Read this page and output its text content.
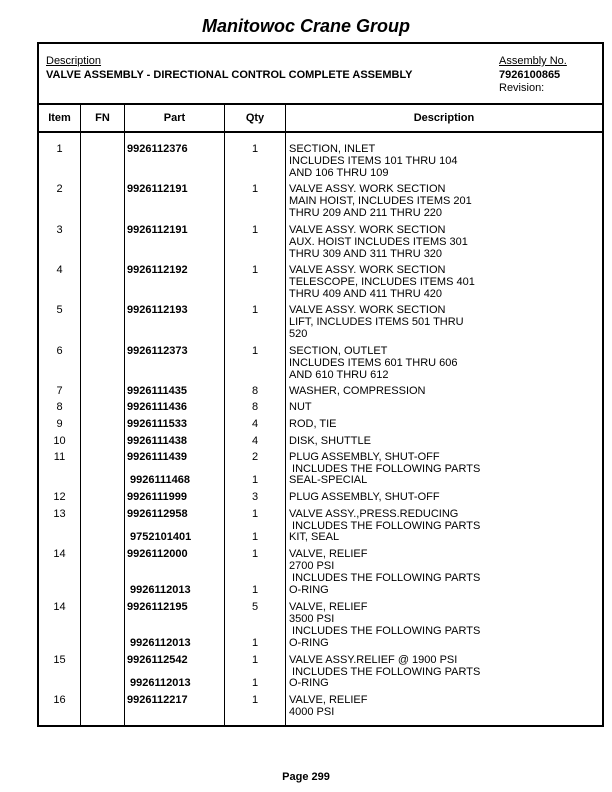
Manitowoc Crane Group
Description
VALVE ASSEMBLY - DIRECTIONAL CONTROL COMPLETE ASSEMBLY
Assembly No.
7926100865
Revision:
Item	FN	Part	Qty	Description
1	9926112376	1	SECTION, INLET
INCLUDES ITEMS 101 THRU 104
AND 106 THRU 109
2	9926112191	1	VALVE ASSY. WORK SECTION
MAIN HOIST, INCLUDES ITEMS 201
THRU 209 AND 211 THRU 220
3	9926112191	1	VALVE ASSY. WORK SECTION
AUX. HOIST INCLUDES ITEMS 301
THRU 309 AND 311 THRU 320
4	9926112192	1	VALVE ASSY. WORK SECTION
TELESCOPE, INCLUDES ITEMS 401
THRU 409 AND 411 THRU 420
5	9926112193	1	VALVE ASSY. WORK SECTION
LIFT, INCLUDES ITEMS 501 THRU
520
6	9926112373	1	SECTION, OUTLET
INCLUDES ITEMS 601 THRU 606
AND 610 THRU 612
7	9926111435	8	WASHER, COMPRESSION
8	9926111436	8	NUT
9	9926111533	4	ROD, TIE
10	9926111438	4	DISK, SHUTTLE
11	9926111439	2	PLUG ASSEMBLY, SHUT-OFF
INCLUDES THE FOLLOWING PARTS
9926111468	1	SEAL-SPECIAL
12	9926111999	3	PLUG ASSEMBLY, SHUT-OFF
13	9926112958	1	VALVE ASSY.,PRESS.REDUCING
INCLUDES THE FOLLOWING PARTS
9752101401	1	KIT, SEAL
14	9926112000	1	VALVE, RELIEF
2700 PSI
INCLUDES THE FOLLOWING PARTS
9926112013	1	O-RING
14	9926112195	5	VALVE, RELIEF
3500 PSI
INCLUDES THE FOLLOWING PARTS
9926112013	1	O-RING
15	9926112542	1	VALVE ASSY.RELIEF @ 1900 PSI
INCLUDES THE FOLLOWING PARTS
9926112013	1	O-RING
16	9926112217	1	VALVE, RELIEF
4000 PSI
Page 299
